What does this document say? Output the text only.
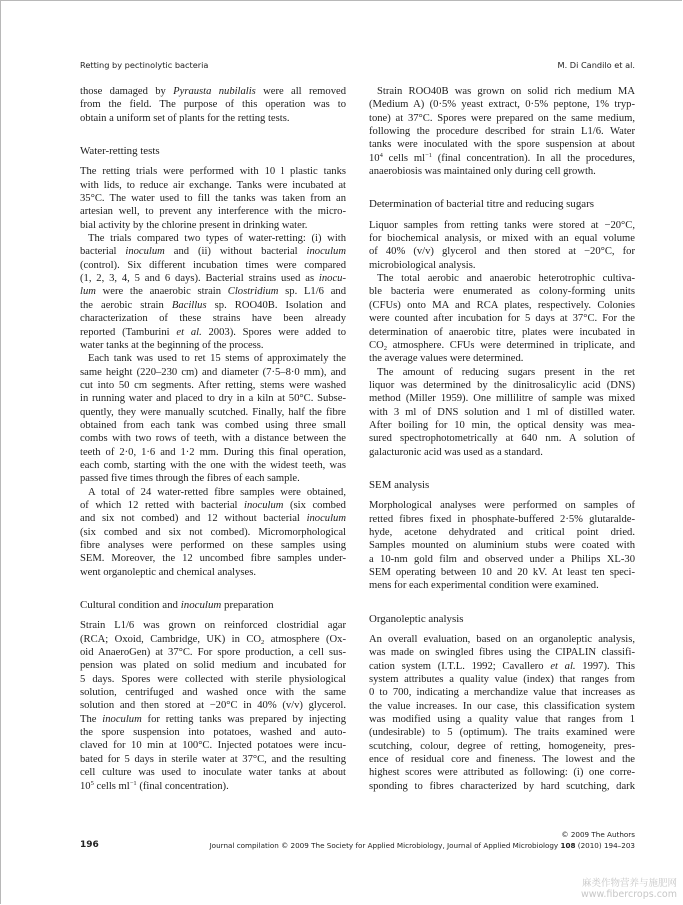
Retting by pectinolytic bacteria	M. Di Candilo et al.
those damaged by Pyrausta nubilalis were all removed
from the field. The purpose of this operation was to
obtain a uniform set of plants for the retting tests.
Water-retting tests
The retting trials were performed with 10 l plastic tanks
with lids, to reduce air exchange. Tanks were incubated at
35°C. The water used to fill the tanks was taken from an
artesian well, to prevent any interference with the micro-
bial activity by the chlorine present in drinking water.
The trials compared two types of water-retting: (i) with
bacterial inoculum and (ii) without bacterial inoculum
(control). Six different incubation times were compared
(1, 2, 3, 4, 5 and 6 days). Bacterial strains used as inocu-
lum were the anaerobic strain Clostridium sp. L1/6 and
the aerobic strain Bacillus sp. ROO40B. Isolation and
characterization of these strains have been already
reported (Tamburini et al. 2003). Spores were added to
water tanks at the beginning of the process.
Each tank was used to ret 15 stems of approximately the
same height (220–230 cm) and diameter (7·5–8·0 mm), and
cut into 50 cm segments. After retting, stems were washed
in running water and placed to dry in a kiln at 50°C. Subse-
quently, they were manually scutched. Finally, half the fibre
obtained from each tank was combed using three small
combs with two rows of teeth, with a distance between the
teeth of 2·0, 1·6 and 1·2 mm. During this final operation,
each comb, starting with the one with the widest teeth, was
passed five times through the fibres of each sample.
A total of 24 water-retted fibre samples were obtained,
of which 12 retted with bacterial inoculum (six combed
and six not combed) and 12 without bacterial inoculum
(six combed and six not combed). Micromorphological
fibre analyses were performed on these samples using
SEM. Moreover, the 12 uncombed fibre samples under-
went organoleptic and chemical analyses.
Cultural condition and inoculum preparation
Strain L1/6 was grown on reinforced clostridial agar
(RCA; Oxoid, Cambridge, UK) in $CO_2$ atmosphere (Ox-
oid AnaeroGen) at 37°C. For spore production, a cell sus-
pension was plated on solid medium and incubated for
5 days. Spores were collected with sterile physiological
solution, centrifuged and washed once with the same
solution and then stored at −20°C in 40% (v/v) glycerol.
The inoculum for retting tanks was prepared by injecting
the spore suspension into potatoes, washed and auto-
claved for 10 min at 100°C. Injected potatoes were incu-
bated for 5 days in sterile water at 37°C, and the resulting
cell culture was used to inoculate water tanks at about
$10^5$ cells $ml^{-1}$ (final concentration).
Strain ROO40B was grown on solid rich medium MA
(Medium A) (0·5% yeast extract, 0·5% peptone, 1% tryp-
tone) at 37°C. Spores were prepared on the same medium,
following the procedure described for strain L1/6. Water
tanks were inoculated with the spore suspension at about
$10^4$ cells $ml^{-1}$ (final concentration). In all the procedures,
anaerobiosis was maintained only during cell growth.
Determination of bacterial titre and reducing sugars
Liquor samples from retting tanks were stored at −20°C,
for biochemical analysis, or mixed with an equal volume
of 40% (v/v) glycerol and then stored at −20°C, for
microbiological analysis.
The total aerobic and anaerobic heterotrophic cultiva-
ble bacteria were enumerated as colony-forming units
(CFUs) onto MA and RCA plates, respectively. Colonies
were counted after incubation for 5 days at 37°C. For the
determination of anaerobic titre, plates were incubated in
$CO_2$ atmosphere. CFUs were determined in triplicate, and
the average values were determined.
The amount of reducing sugars present in the ret
liquor was determined by the dinitrosalicylic acid (DNS)
method (Miller 1959). One millilitre of sample was mixed
with 3 ml of DNS solution and 1 ml of distilled water.
After boiling for 10 min, the optical density was mea-
sured spectrophotometrically at 640 nm. A solution of
galacturonic acid was used as a standard.
SEM analysis
Morphological analyses were performed on samples of
retted fibres fixed in phosphate-buffered 2·5% glutaralde-
hyde, acetone dehydrated and critical point dried.
Samples mounted on aluminium stubs were coated with
a 10-nm gold film and observed under a Philips XL-30
SEM operating between 10 and 20 kV. At least ten speci-
mens for each experimental condition were examined.
Organoleptic analysis
An overall evaluation, based on an organoleptic analysis,
was made on swingled fibres using the CIPALIN classifi-
cation system (I.T.L. 1992; Cavallero et al. 1997). This
system attributes a quality value (index) that ranges from
0 to 700, indicating a merchandize value that increases as
the value increases. In our case, this classification system
was modified using a quality value that ranges from 1
(undesirable) to 5 (optimum). The traits examined were
scutching, colour, degree of retting, homogeneity, pres-
ence of residual core and fineness. The lowest and the
highest scores were attributed as following: (i) one corre-
sponding to fibres characterized by hard scutching, dark
196
© 2009 The Authors
Journal compilation © 2009 The Society for Applied Microbiology, Journal of Applied Microbiology 108 (2010) 194–203
麻类作物营养与施肥网
www.fibercrops.com
